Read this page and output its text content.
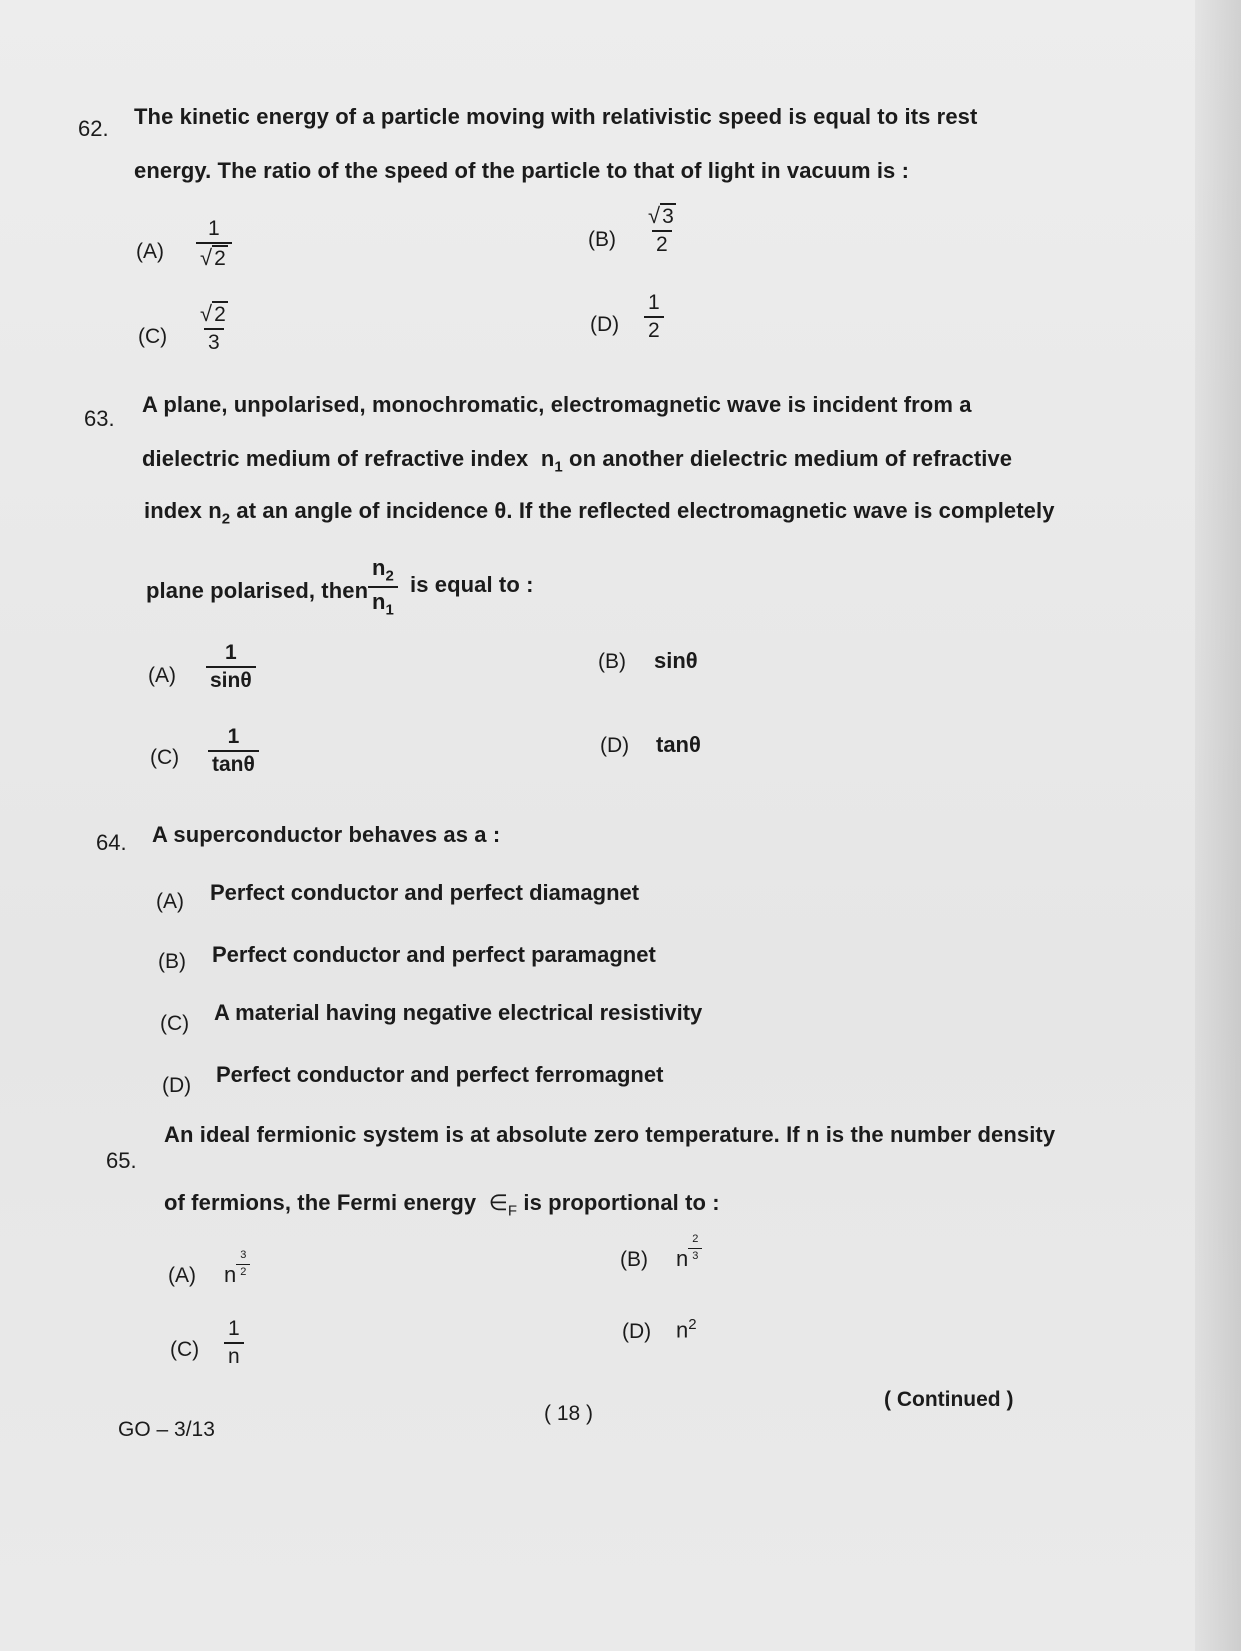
62. The kinetic energy of a particle moving with relativistic speed is equal to its rest
energy. The ratio of the speed of the particle to that of light in vacuum is :
$(A) \frac{1}{√2}$	$(B) \frac{√3}{2}$
$(C) \frac{√2}{3}$	$(D) \frac{1}{2}$
63.
A plane, unpolarised, monochromatic, electromagnetic wave is incident from a
dielectric medium of refractive index $n_1$ on another dielectric medium of refractive
index $n_2$ at an angle of incidence θ. If the reflected electromagnetic wave is completely
plane polarised, then $\frac{n_2}{n_1}$ is equal to :
$(A) \frac{1}{\sin\theta}$	(B) sinθ
$(C) \frac{1}{\tan\theta}$	(D) tanθ
64. A superconductor behaves as a :
(A) Perfect conductor and perfect diamagnet
(B) Perfect conductor and perfect paramagnet
(C) A material having negative electrical resistivity
(D) Perfect conductor and perfect ferromagnet
65.
An ideal fermionic system is at absolute zero temperature. If n is the number density
of fermions, the Fermi energy $\in_F$ is proportional to :
(A) n $\frac{3}{2}$	(B) n $\frac{2}{3}$
$(C) \frac{1}{n}$	(D) $n^2$
GO – 3/13
( 18 )
( Continued )
